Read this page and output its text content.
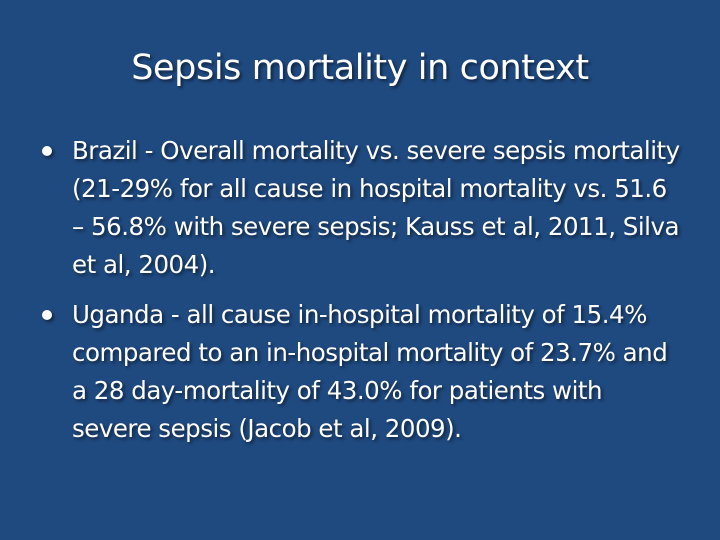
Sepsis mortality in context
Brazil - Overall mortality vs. severe sepsis mortality (21-29% for all cause in hospital mortality vs. 51.6 – 56.8% with severe sepsis; Kauss et al, 2011, Silva et al, 2004).
Uganda - all cause in-hospital mortality of 15.4% compared to an in-hospital mortality of 23.7% and a 28 day-mortality of 43.0% for patients with severe sepsis (Jacob et al, 2009).
